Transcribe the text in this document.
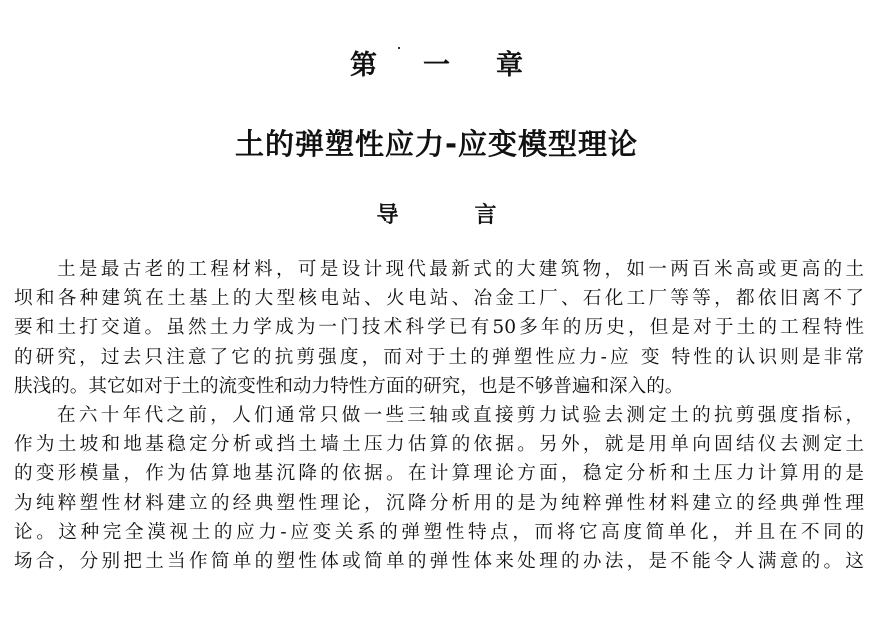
第一章
土的弹塑性应力-应变模型理论
导言
土是最古老的工程材料，可是设计现代最新式的大建筑物，如一两百米高或更高的土
坝和各种建筑在土基上的大型核电站、火电站、冶金工厂、石化工厂等等，都依旧离不了
要和土打交道。虽然土力学成为一门技术科学已有50多年的历史，但是对于土的工程特性
的研究，过去只注意了它的抗剪强度，而对于土的弹塑性应力-应 变 特性的认识则是非常
肤浅的。其它如对于土的流变性和动力特性方面的研究，也是不够普遍和深入的。
在六十年代之前，人们通常只做一些三轴或直接剪力试验去测定土的抗剪强度指标，
作为土坡和地基稳定分析或挡土墙土压力估算的依据。另外，就是用单向固结仪去测定土
的变形模量，作为估算地基沉降的依据。在计算理论方面，稳定分析和土压力计算用的是
为纯粹塑性材料建立的经典塑性理论，沉降分析用的是为纯粹弹性材料建立的经典弹性理
论。这种完全漠视土的应力-应变关系的弹塑性特点，而将它高度简单化，并且在不同的
场合，分别把土当作简单的塑性体或简单的弹性体来处理的办法，是不能令人满意的。这
